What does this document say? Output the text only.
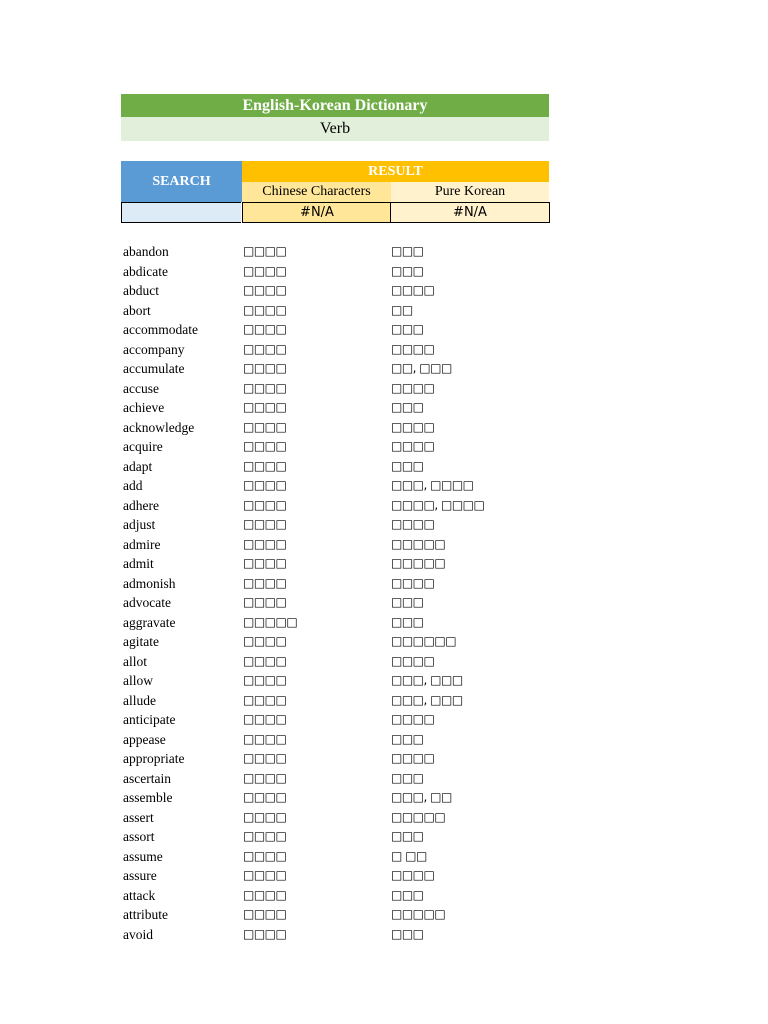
English-Korean Dictionary
Verb
SEARCH
RESULT
Chinese Characters	Pure Korean
#N/A	#N/A
abandon	□□□□	□□□
abdicate	□□□□	□□□
abduct	□□□□	□□□□
abort	□□□□	□□
accommodate	□□□□	□□□
accompany	□□□□	□□□□
accumulate	□□□□	□□, □□□
accuse	□□□□	□□□□
achieve	□□□□	□□□
acknowledge	□□□□	□□□□
acquire	□□□□	□□□□
adapt	□□□□	□□□
add	□□□□	□□□, □□□□
adhere	□□□□	□□□□, □□□□
adjust	□□□□	□□□□
admire	□□□□	□□□□□
admit	□□□□	□□□□□
admonish	□□□□	□□□□
advocate	□□□□	□□□
aggravate	□□□□□	□□□
agitate	□□□□	□□□□□□
allot	□□□□	□□□□
allow	□□□□	□□□, □□□
allude	□□□□	□□□, □□□
anticipate	□□□□	□□□□
appease	□□□□	□□□
appropriate	□□□□	□□□□
ascertain	□□□□	□□□
assemble	□□□□	□□□, □□
assert	□□□□	□□□□□
assort	□□□□	□□□
assume	□□□□	□ □□
assure	□□□□	□□□□
attack	□□□□	□□□
attribute	□□□□	□□□□□
avoid	□□□□	□□□
